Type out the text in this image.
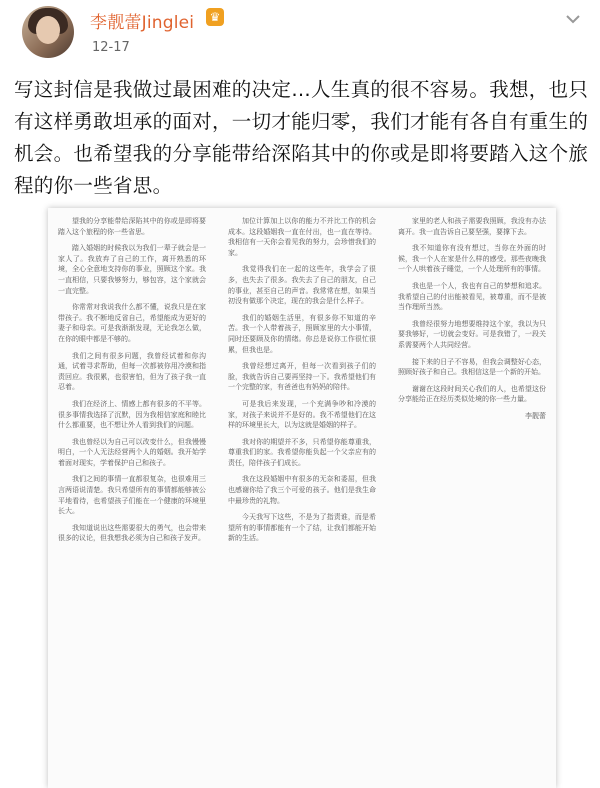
李靓蕾Jinglei	♛
12-17
写这封信是我做过最困难的决定…人生真的很不容易。我想，也只有这样勇敢坦承的面对，一切才能归零，我们才能有各自有重生的机会。也希望我的分享能带给深陷其中的你或是即将要踏入这个旅程的你一些省思。

望我的分享能带给深陷其中的你或是即将要踏入这个旅程的你一些省思。

踏入婚姻的时候我以为我们一辈子就会是一家人了。我放弃了自己的工作，离开熟悉的环境，全心全意地支持你的事业，照顾这个家。我一直相信，只要我够努力，够包容，这个家就会一直完整。

你常常对我说我什么都不懂，说我只是在家带孩子。我不断地反省自己，希望能成为更好的妻子和母亲。可是我渐渐发现，无论我怎么做，在你的眼中都是不够的。

我们之间有很多问题，我曾经试着和你沟通，试着寻求帮助，但每一次都被你用冷漠和指责回应。我很累，也很害怕，但为了孩子我一直忍着。

我们在经济上、情感上都有很多的不平等。很多事情我选择了沉默，因为我相信家庭和睦比什么都重要，也不想让外人看到我们的问题。

我也曾经以为自己可以改变什么，但我慢慢明白，一个人无法经营两个人的婚姻。我开始学着面对现实，学着保护自己和孩子。

我们之间的事情一直都很复杂，也很难用三言两语说清楚。我只希望所有的事情都能够被公平地看待，也希望孩子们能在一个健康的环境里长大。

我知道说出这些需要很大的勇气，也会带来很多的议论，但我想我必须为自己和孩子发声。

加位计算加上以你的能力不并比工作的机会成本。这段婚姻我一直在付出，也一直在等待。我相信有一天你会看见我的努力，会珍惜我们的家。

我觉得我们在一起的这些年，我学会了很多，也失去了很多。我失去了自己的朋友，自己的事业，甚至自己的声音。我常常在想，如果当初没有做那个决定，现在的我会是什么样子。

我们的婚姻生活里，有很多你不知道的辛苦。我一个人带着孩子，照顾家里的大小事情，同时还要顾及你的情绪。你总是说你工作很忙很累，但我也是。

我曾经想过离开，但每一次看到孩子们的脸，我就告诉自己要再坚持一下。我希望他们有一个完整的家，有爸爸也有妈妈的陪伴。

可是我后来发现，一个充满争吵和冷漠的家，对孩子来说并不是好的。我不希望他们在这样的环境里长大，以为这就是婚姻的样子。

我对你的期望并不多，只希望你能尊重我，尊重我们的家。我希望你能负起一个父亲应有的责任，陪伴孩子们成长。

我在这段婚姻中有很多的无奈和委屈，但我也感谢你给了我三个可爱的孩子。他们是我生命中最珍贵的礼物。

今天我写下这些，不是为了指责谁，而是希望所有的事情都能有一个了结，让我们都能开始新的生活。

家里的老人和孩子需要我照顾，我没有办法离开。我一直告诉自己要坚强，要撑下去。

我不知道你有没有想过，当你在外面的时候，我一个人在家是什么样的感受。那些夜晚我一个人哄着孩子睡觉，一个人处理所有的事情。

我也是一个人，我也有自己的梦想和追求。我希望自己的付出能被看见，被尊重，而不是被当作理所当然。

我曾经很努力地想要维持这个家，我以为只要我够好，一切就会变好。可是我错了，一段关系需要两个人共同经营。

接下来的日子不容易，但我会调整好心态，照顾好孩子和自己。我相信这是一个新的开始。

谢谢在这段时间关心我们的人，也希望这份分享能给正在经历类似处境的你一些力量。

李靓蕾
